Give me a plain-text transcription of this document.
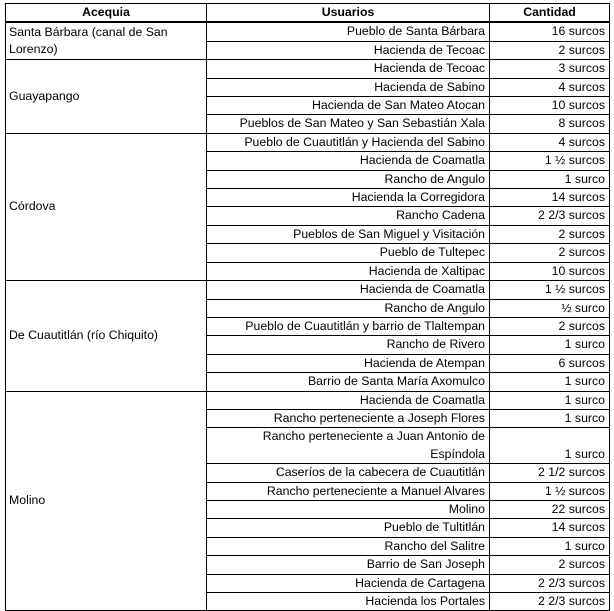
Acequia	Usuarios	Cantidad
Santa Bárbara (canal de San Lorenzo)	Pueblo de Santa Bárbara	16 surcos
	Hacienda de Tecoac	2 surcos
Guayapango	Hacienda de Tecoac	3 surcos
	Hacienda de Sabino	4 surcos
	Hacienda de San Mateo Atocan	10 surcos
	Pueblos de San Mateo y San Sebastián Xala	8 surcos
Córdova	Pueblo de Cuautitlán y Hacienda del Sabino	4 surcos
	Hacienda de Coamatla	1 ½ surcos
	Rancho de Angulo	1 surco
	Hacienda la Corregidora	14 surcos
	Rancho Cadena	2 2/3 surcos
	Pueblos de San Miguel y Visitación	2 surcos
	Pueblo de Tultepec	2 surcos
	Hacienda de Xaltipac	10 surcos
De Cuautitlán (río Chiquito)	Hacienda de Coamatla	1 ½ surcos
	Rancho de Angulo	½ surco
	Pueblo de Cuautitlán y barrio de Tlaltempan	2 surcos
	Rancho de Rivero	1 surco
	Hacienda de Atempan	6 surcos
	Barrio de Santa María Axomulco	1 surco
Molino	Hacienda de Coamatla	1 surco
	Rancho perteneciente a Joseph Flores	1 surco
	Rancho perteneciente a Juan Antonio de Espíndola	1 surco
	Caseríos de la cabecera de Cuautitlán	2 1/2 surcos
	Rancho perteneciente a Manuel Alvares	1 ½ surcos
	Molino	22 surcos
	Pueblo de Tultitlán	14 surcos
	Rancho del Salitre	1 surco
	Barrio de San Joseph	2 surcos
	Hacienda de Cartagena	2 2/3 surcos
	Hacienda los Portales	2 2/3 surcos
